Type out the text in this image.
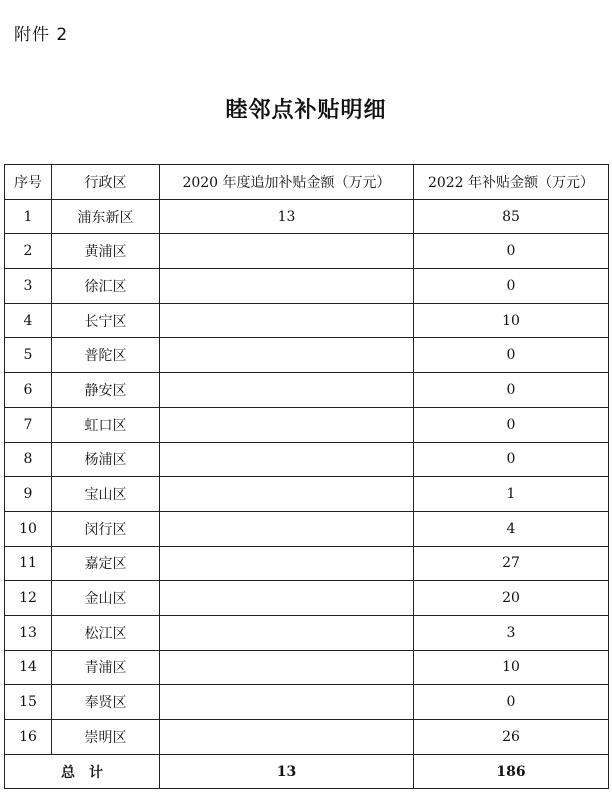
附件 2
睦邻点补贴明细
序号	行政区	2020 年度追加补贴金额（万元）	2022 年补贴金额（万元）
1	浦东新区	13	85
2	黄浦区		0
3	徐汇区		0
4	长宁区		10
5	普陀区		0
6	静安区		0
7	虹口区		0
8	杨浦区		0
9	宝山区		1
10	闵行区		4
11	嘉定区		27
12	金山区		20
13	松江区		3
14	青浦区		10
15	奉贤区		0
16	崇明区		26
总计		13	186
